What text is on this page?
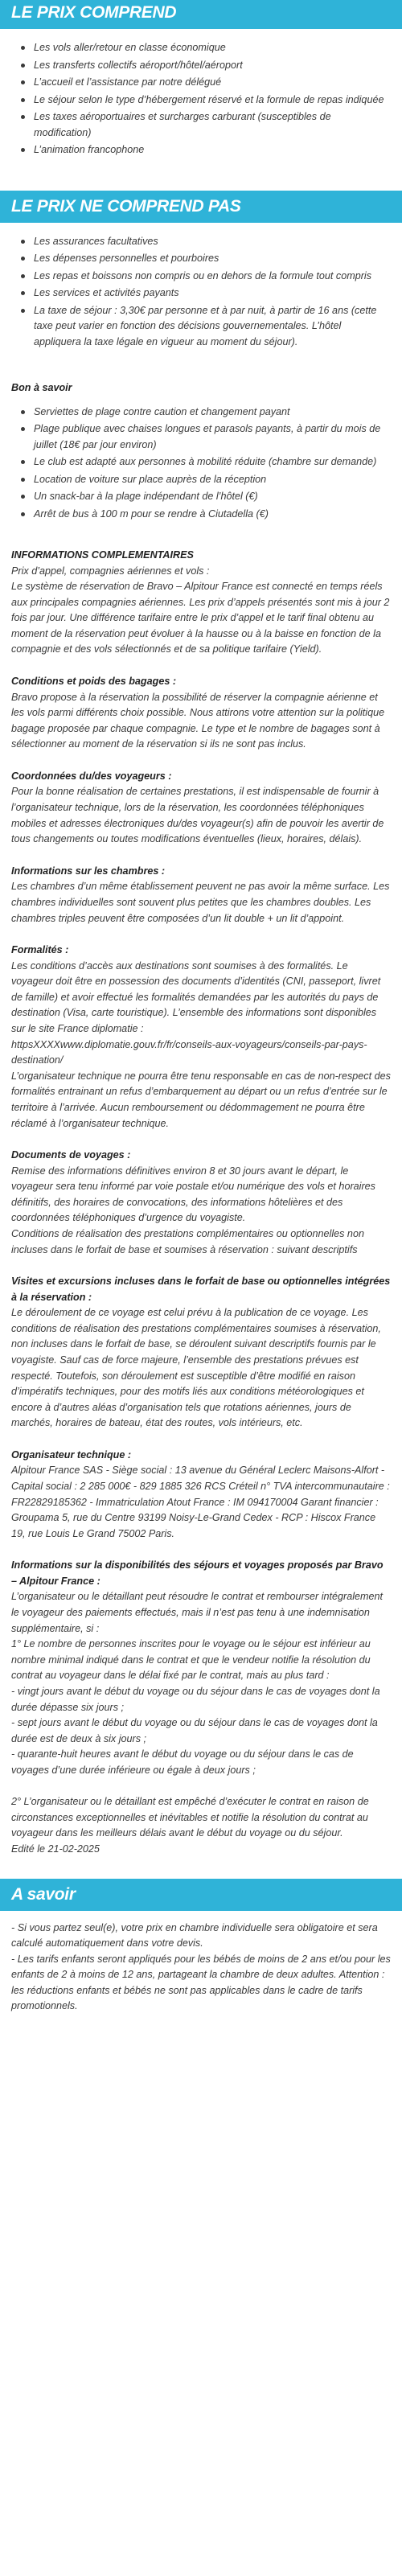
LE PRIX COMPREND
Les vols aller/retour en classe économique
Les transferts collectifs aéroport/hôtel/aéroport
L’accueil et l’assistance par notre délégué
Le séjour selon le type d’hébergement réservé et la formule de repas indiquée
Les taxes aéroportuaires et surcharges carburant (susceptibles de modification)
L’animation francophone
LE PRIX NE COMPREND PAS
Les assurances facultatives
Les dépenses personnelles et pourboires
Les repas et boissons non compris ou en dehors de la formule tout compris
Les services et activités payants
La taxe de séjour : 3,30€ par personne et à par nuit, à partir de 16 ans (cette taxe peut varier en fonction des décisions gouvernementales. L’hôtel appliquera la taxe légale en vigueur au moment du séjour).
Bon à savoir
Serviettes de plage contre caution et changement payant
Plage publique avec chaises longues et parasols payants, à partir du mois de juillet (18€ par jour environ)
Le club est adapté aux personnes à mobilité réduite (chambre sur demande)
Location de voiture sur place auprès de la réception
Un snack-bar à la plage indépendant de l’hôtel (€)
Arrêt de bus à 100 m pour se rendre à Ciutadella (€)
INFORMATIONS COMPLEMENTAIRES
Prix d’appel, compagnies aériennes et vols :
Le système de réservation de Bravo – Alpitour France est connecté en temps réels aux principales compagnies aériennes. Les prix d’appels présentés sont mis à jour 2 fois par jour. Une différence tarifaire entre le prix d’appel et le tarif final obtenu au moment de la réservation peut évoluer à la hausse ou à la baisse en fonction de la compagnie et des vols sélectionnés et de sa politique tarifaire (Yield).
Conditions et poids des bagages :
Bravo propose à la réservation la possibilité de réserver la compagnie aérienne et les vols parmi différents choix possible. Nous attirons votre attention sur la politique bagage proposée par chaque compagnie. Le type et le nombre de bagages sont à sélectionner au moment de la réservation si ils ne sont pas inclus.
Coordonnées du/des voyageurs :
Pour la bonne réalisation de certaines prestations, il est indispensable de fournir à l’organisateur technique, lors de la réservation, les coordonnées téléphoniques mobiles et adresses électroniques du/des voyageur(s) afin de pouvoir les avertir de tous changements ou toutes modifications éventuelles (lieux, horaires, délais).
Informations sur les chambres :
Les chambres d’un même établissement peuvent ne pas avoir la même surface. Les chambres individuelles sont souvent plus petites que les chambres doubles. Les chambres triples peuvent être composées d’un lit double + un lit d’appoint.
Formalités :
Les conditions d’accès aux destinations sont soumises à des formalités. Le voyageur doit être en possession des documents d’identités (CNI, passeport, livret de famille) et avoir effectué les formalités demandées par les autorités du pays de destination (Visa, carte touristique). L’ensemble des informations sont disponibles sur le site France diplomatie :
httpsXXXXwww.diplomatie.gouv.fr/fr/conseils-aux-voyageurs/conseils-par-pays-destination/
L’organisateur technique ne pourra être tenu responsable en cas de non-respect des formalités entrainant un refus d’embarquement au départ ou un refus d’entrée sur le territoire à l’arrivée. Aucun remboursement ou dédommagement ne pourra être réclamé à l’organisateur technique.
Documents de voyages :
Remise des informations définitives environ 8 et 30 jours avant le départ, le voyageur sera tenu informé par voie postale et/ou numérique des vols et horaires définitifs, des horaires de convocations, des informations hôtelières et des coordonnées téléphoniques d’urgence du voyagiste.
Conditions de réalisation des prestations complémentaires ou optionnelles non incluses dans le forfait de base et soumises à réservation : suivant descriptifs
Visites et excursions incluses dans le forfait de base ou optionnelles intégrées à la réservation :
Le déroulement de ce voyage est celui prévu à la publication de ce voyage. Les conditions de réalisation des prestations complémentaires soumises à réservation, non incluses dans le forfait de base, se déroulent suivant descriptifs fournis par le voyagiste. Sauf cas de force majeure, l’ensemble des prestations prévues est respecté. Toutefois, son déroulement est susceptible d’être modifié en raison d’impératifs techniques, pour des motifs liés aux conditions météorologiques et encore à d’autres aléas d’organisation tels que rotations aériennes, jours de marchés, horaires de bateau, état des routes, vols intérieurs, etc.
Organisateur technique :
Alpitour France SAS - Siège social : 13 avenue du Général Leclerc Maisons-Alfort - Capital social : 2 285 000€ - 829 1885 326 RCS Créteil n° TVA intercommunautaire : FR22829185362 - Immatriculation Atout France : IM 094170004 Garant financier : Groupama 5, rue du Centre 93199 Noisy-Le-Grand Cedex - RCP : Hiscox France 19, rue Louis Le Grand 75002 Paris.
Informations sur la disponibilités des séjours et voyages proposés par Bravo – Alpitour France :
L’organisateur ou le détaillant peut résoudre le contrat et rembourser intégralement le voyageur des paiements effectués, mais il n’est pas tenu à une indemnisation supplémentaire, si :
1° Le nombre de personnes inscrites pour le voyage ou le séjour est inférieur au nombre minimal indiqué dans le contrat et que le vendeur notifie la résolution du contrat au voyageur dans le délai fixé par le contrat, mais au plus tard :
- vingt jours avant le début du voyage ou du séjour dans le cas de voyages dont la durée dépasse six jours ;
- sept jours avant le début du voyage ou du séjour dans le cas de voyages dont la durée est de deux à six jours ;
- quarante-huit heures avant le début du voyage ou du séjour dans le cas de voyages d’une durée inférieure ou égale à deux jours ;

2° L’organisateur ou le détaillant est empêché d’exécuter le contrat en raison de circonstances exceptionnelles et inévitables et notifie la résolution du contrat au voyageur dans les meilleurs délais avant le début du voyage ou du séjour.
Edité le 21-02-2025
A savoir
- Si vous partez seul(e), votre prix en chambre individuelle sera obligatoire et sera calculé automatiquement dans votre devis.
- Les tarifs enfants seront appliqués pour les bébés de moins de 2 ans et/ou pour les enfants de 2 à moins de 12 ans, partageant la chambre de deux adultes. Attention : les réductions enfants et bébés ne sont pas applicables dans le cadre de tarifs promotionnels.
